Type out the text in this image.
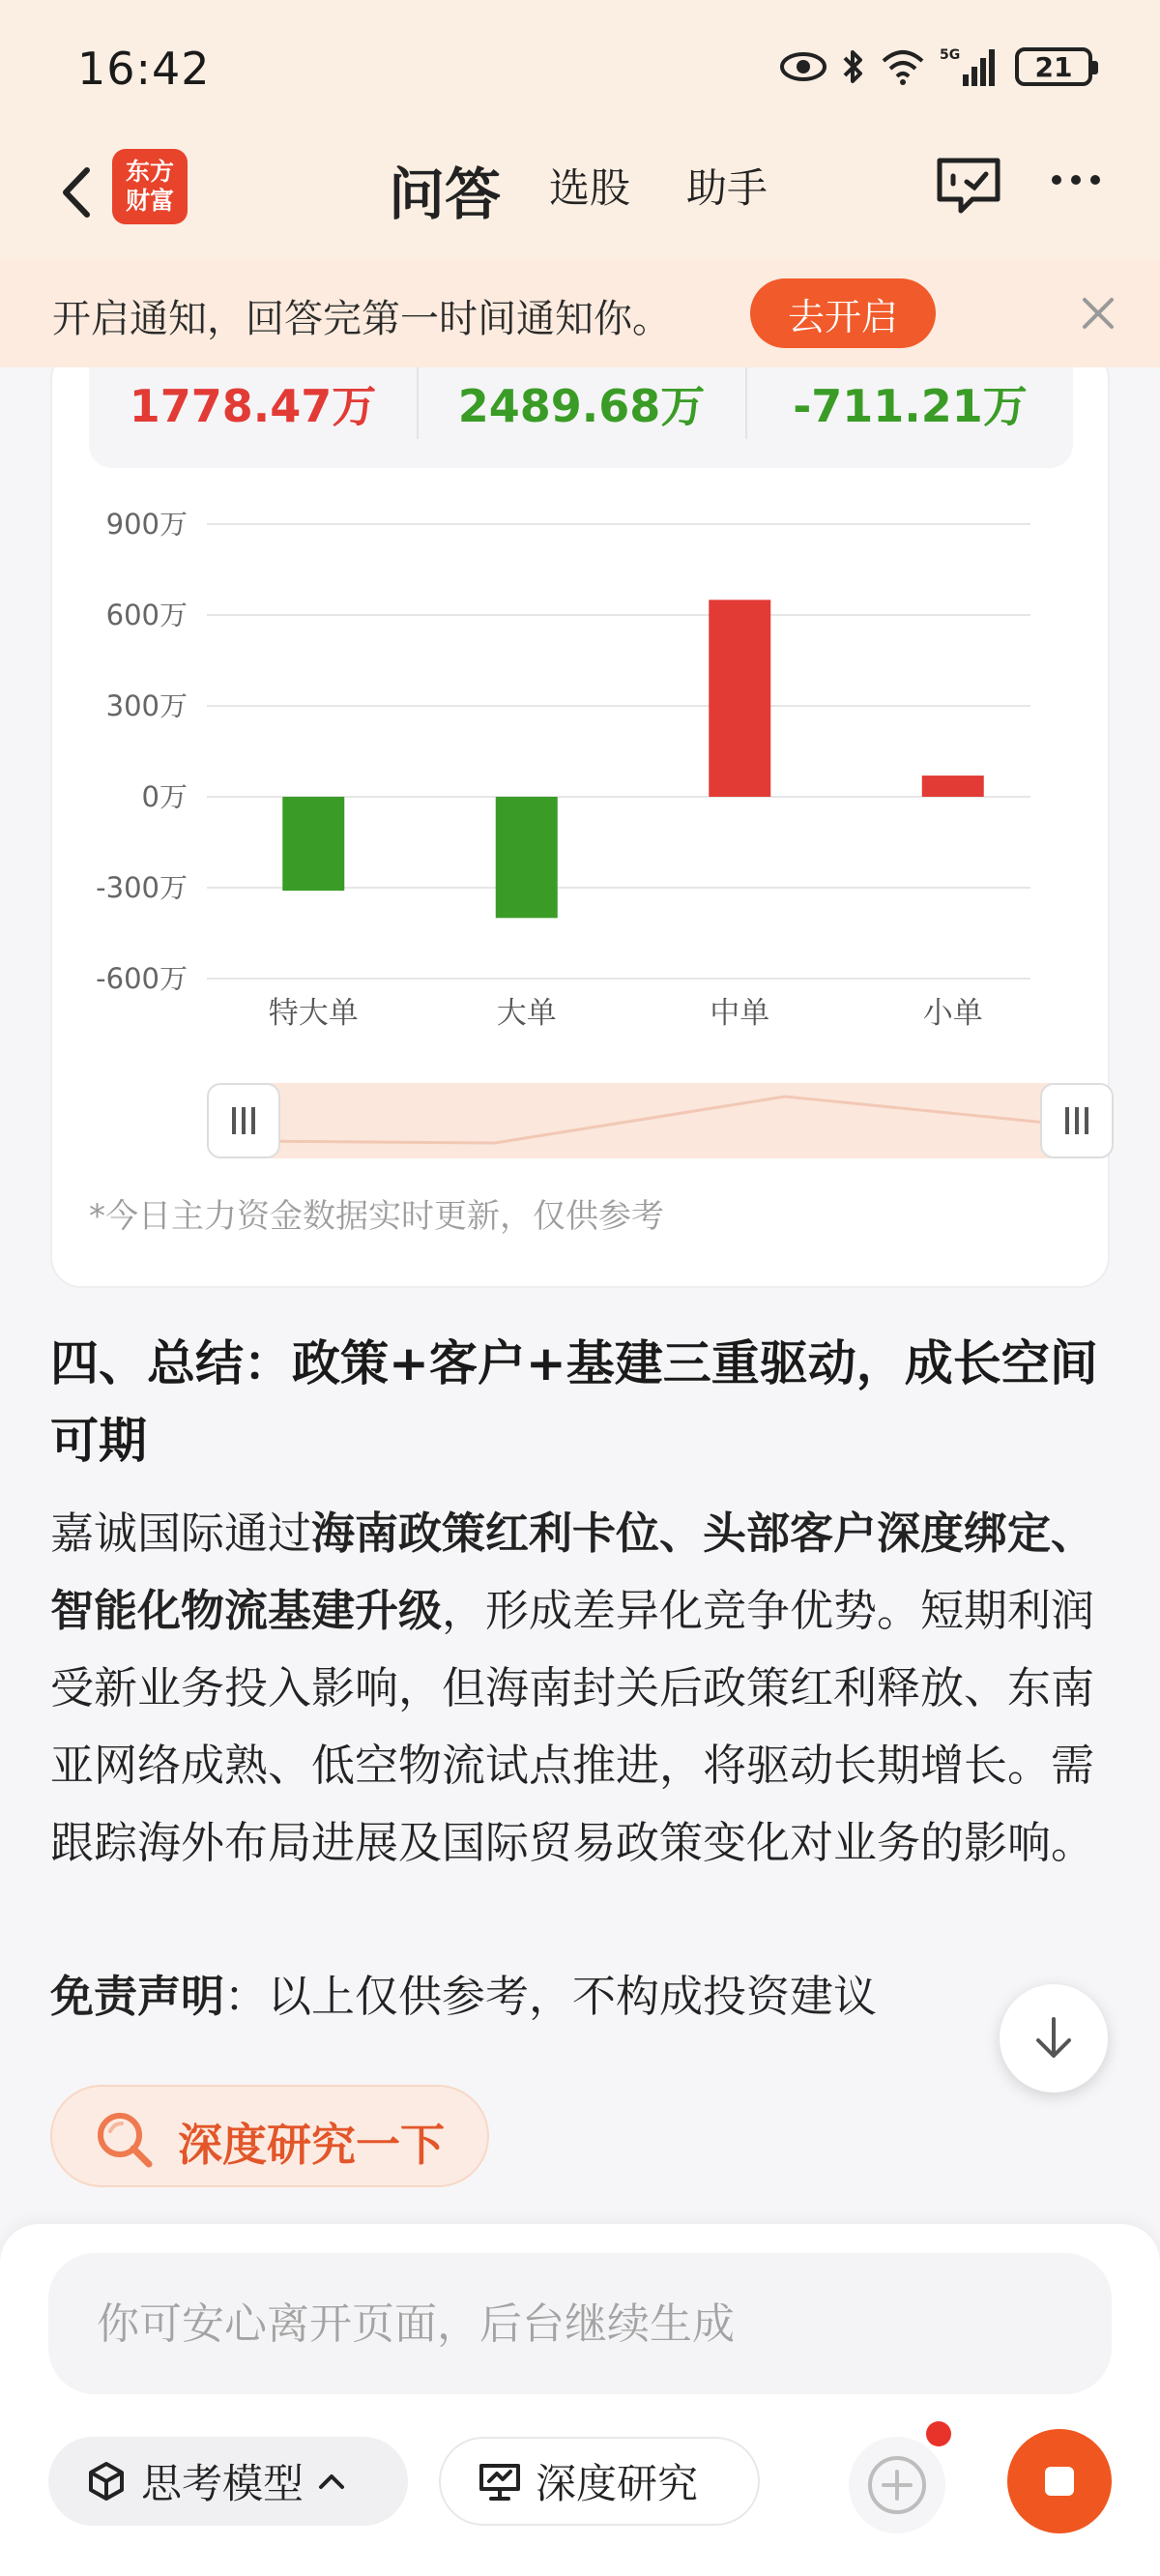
16:42	5G	21
东方
财富	问答 选股 助手
开启通知，回答完第一时间通知你。	去开启
1778.47万	2489.68万	-711.21万
900万
600万
300万
0万
-300万
-600万
特大单	大单	中单	小单
*今日主力资金数据实时更新，仅供参考
四、总结：政策+客户+基建三重驱动，成长空间可期
嘉诚国际通过海南政策红利卡位、头部客户深度绑定、智能化物流基建升级，形成差异化竞争优势。短期利润受新业务投入影响，但海南封关后政策红利释放、东南亚网络成熟、低空物流试点推进，将驱动长期增长。需跟踪海外布局进展及国际贸易政策变化对业务的影响。
免责声明：以上仅供参考，不构成投资建议
深度研究一下
你可安心离开页面，后台继续生成
思考模型	深度研究
